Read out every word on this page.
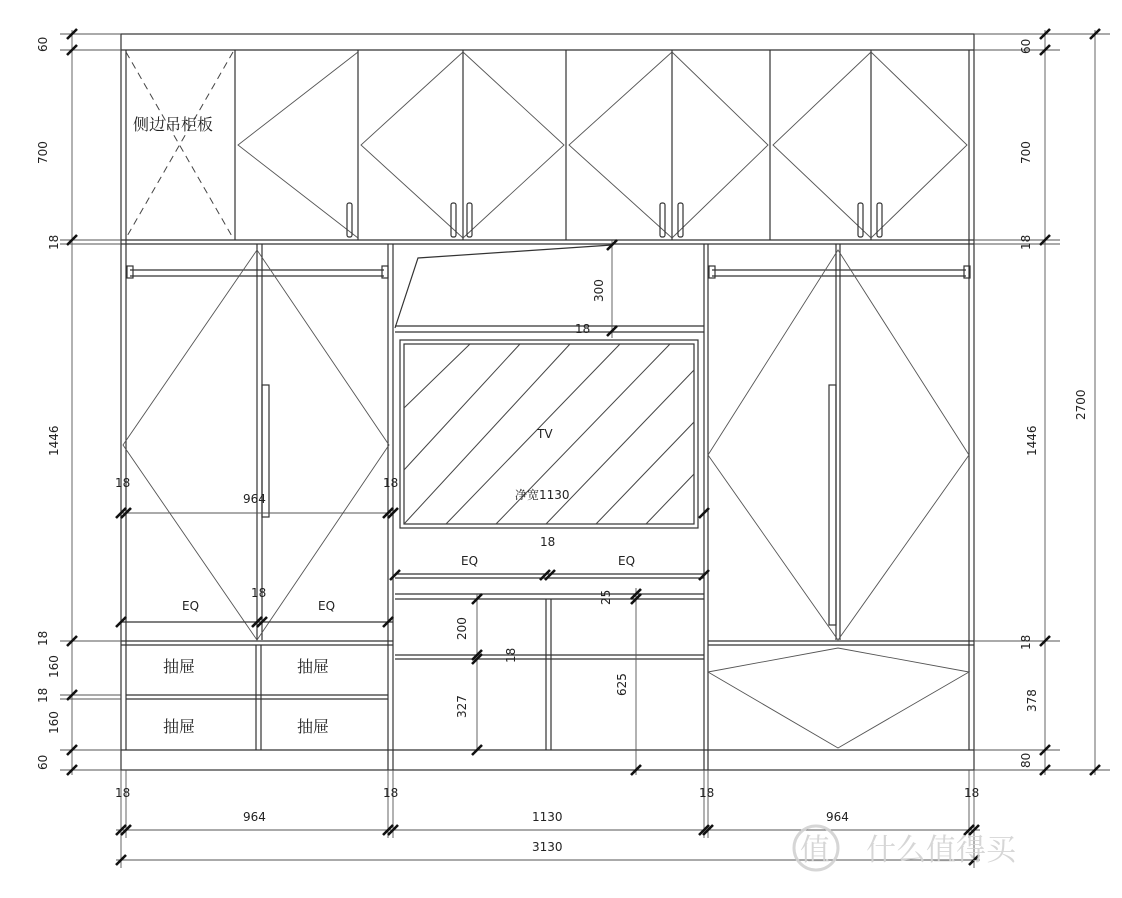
侧边吊柜板
TV
净宽1130
EQ	EQ
EQ	EQ
抽屉	抽屉
抽屉	抽屉
60
700
18
1446
18
160
18
160
60
60
700
18
1446
2700
18
378
80
964
18	18
18
300
18
18
25
200
18
327
625
18	18	18	18
964	1130	964
3130	值 什么值得买
